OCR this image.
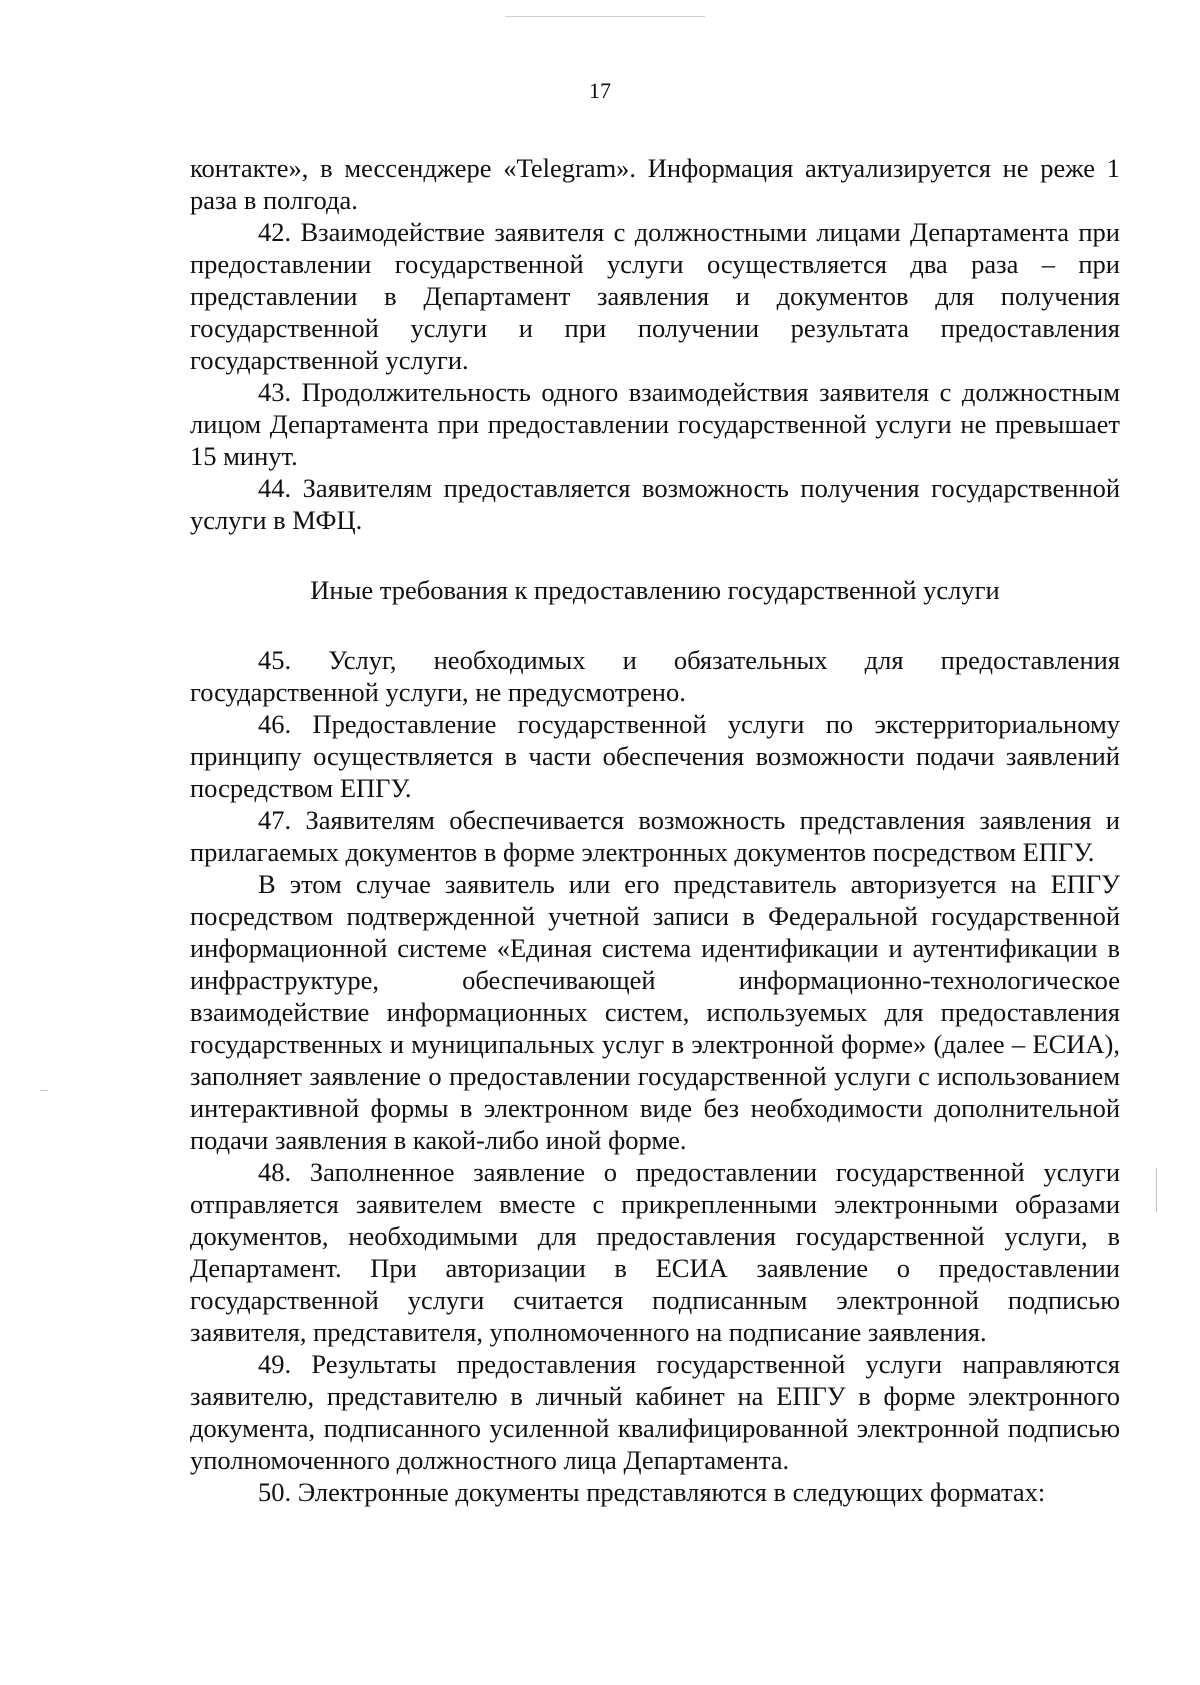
17

контакте», в мессенджере «Telegram». Информация актуализируется не реже 1 раза в полгода.

42. Взаимодействие заявителя с должностными лицами Департамента при предоставлении государственной услуги осуществляется два раза – при представлении в Департамент заявления и документов для получения государственной услуги и при получении результата предоставления государственной услуги.

43. Продолжительность одного взаимодействия заявителя с должностным лицом Департамента при предоставлении государственной услуги не превышает 15 минут.

44. Заявителям предоставляется возможность получения государственной услуги в МФЦ.

Иные требования к предоставлению государственной услуги

45. Услуг, необходимых и обязательных для предоставления государственной услуги, не предусмотрено.

46. Предоставление государственной услуги по экстерриториальному принципу осуществляется в части обеспечения возможности подачи заявлений посредством ЕПГУ.

47. Заявителям обеспечивается возможность представления заявления и прилагаемых документов в форме электронных документов посредством ЕПГУ.

В этом случае заявитель или его представитель авторизуется на ЕПГУ посредством подтвержденной учетной записи в Федеральной государственной информационной системе «Единая система идентификации и аутентификации в инфраструктуре, обеспечивающей информационно-технологическое взаимодействие информационных систем, используемых для предоставления государственных и муниципальных услуг в электронной форме» (далее – ЕСИА), заполняет заявление о предоставлении государственной услуги с использованием интерактивной формы в электронном виде без необходимости дополнительной подачи заявления в какой-либо иной форме.

48. Заполненное заявление о предоставлении государственной услуги отправляется заявителем вместе с прикрепленными электронными образами документов, необходимыми для предоставления государственной услуги, в Департамент. При авторизации в ЕСИА заявление о предоставлении государственной услуги считается подписанным электронной подписью заявителя, представителя, уполномоченного на подписание заявления.

49. Результаты предоставления государственной услуги направляются заявителю, представителю в личный кабинет на ЕПГУ в форме электронного документа, подписанного усиленной квалифицированной электронной подписью уполномоченного должностного лица Департамента.

50. Электронные документы представляются в следующих форматах:
